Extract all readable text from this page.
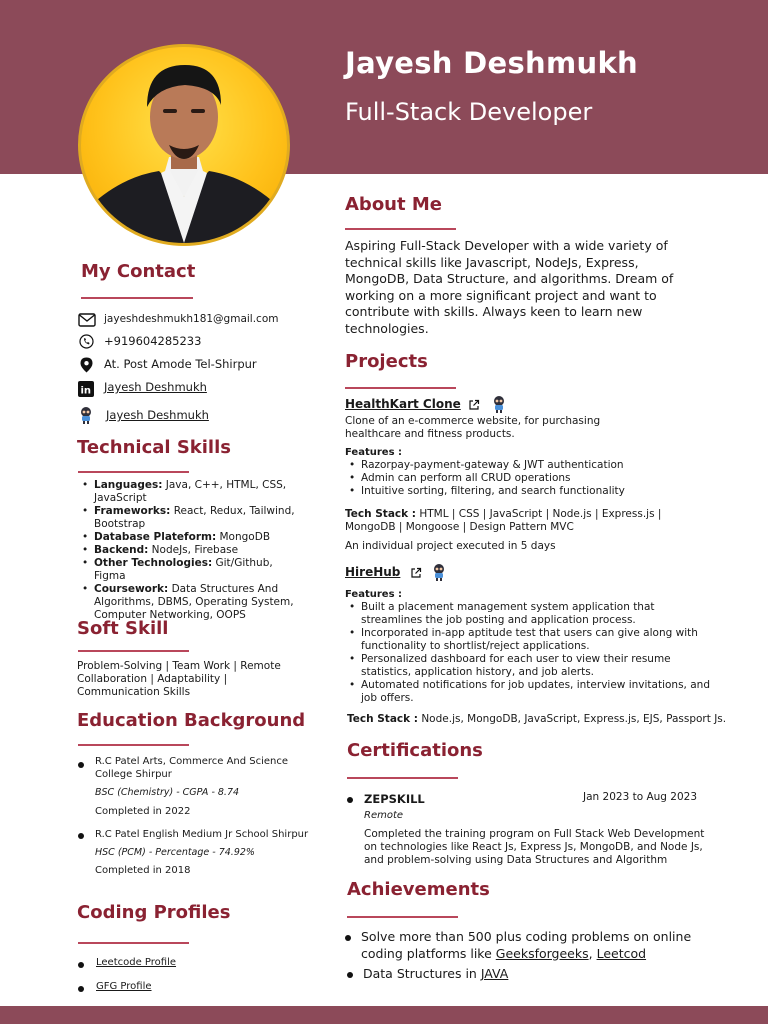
Jayesh Deshmukh
Full-Stack Developer
My Contact
jayeshdeshmukh181@gmail.com
+919604285233
At. Post Amode Tel-Shirpur
in Jayesh Deshmukh
Jayesh Deshmukh
Technical Skills
• Languages: Java, C++, HTML, CSS, JavaScript
• Frameworks: React, Redux, Tailwind, Bootstrap
• Database Plateform: MongoDB
• Backend: NodeJs, Firebase
• Other Technologies: Git/Github, Figma
• Coursework: Data Structures And Algorithms, DBMS, Operating System, Computer Networking, OOPS
Soft Skill
Problem-Solving | Team Work | Remote Collaboration | Adaptability | Communication Skills
Education Background
R.C Patel Arts, Commerce And Science College Shirpur
BSC (Chemistry) - CGPA - 8.74
Completed in 2022
R.C Patel English Medium Jr School Shirpur
HSC (PCM) - Percentage - 74.92%
Completed in 2018
Coding Profiles
Leetcode Profile
GFG Profile
About Me
Aspiring Full-Stack Developer with a wide variety of technical skills like Javascript, NodeJs, Express, MongoDB, Data Structure, and algorithms. Dream of working on a more significant project and want to contribute with skills. Always keen to learn new technologies.
Projects
HealthKart Clone
Clone of an e-commerce website, for purchasing healthcare and fitness products.
Features :
• Razorpay-payment-gateway & JWT authentication
• Admin can perform all CRUD operations
• Intuitive sorting, filtering, and search functionality
Tech Stack : HTML | CSS | JavaScript | Node.js | Express.js | MongoDB | Mongoose | Design Pattern MVC
An individual project executed in 5 days
HireHub
Features :
• Built a placement management system application that streamlines the job posting and application process.
• Incorporated in-app aptitude test that users can give along with functionality to shortlist/reject applications.
• Personalized dashboard for each user to view their resume statistics, application history, and job alerts.
• Automated notifications for job updates, interview invitations, and job offers.
Tech Stack : Node.js, MongoDB, JavaScript, Express.js, EJS, Passport Js.
Certifications
ZEPSKILL	Jan 2023 to Aug 2023
Remote
Completed the training program on Full Stack Web Development on technologies like React Js, Express Js, MongoDB, and Node Js, and problem-solving using Data Structures and Algorithm
Achievements
Solve more than 500 plus coding problems on online coding platforms like Geeksforgeeks, Leetcod
Data Structures in JAVA
